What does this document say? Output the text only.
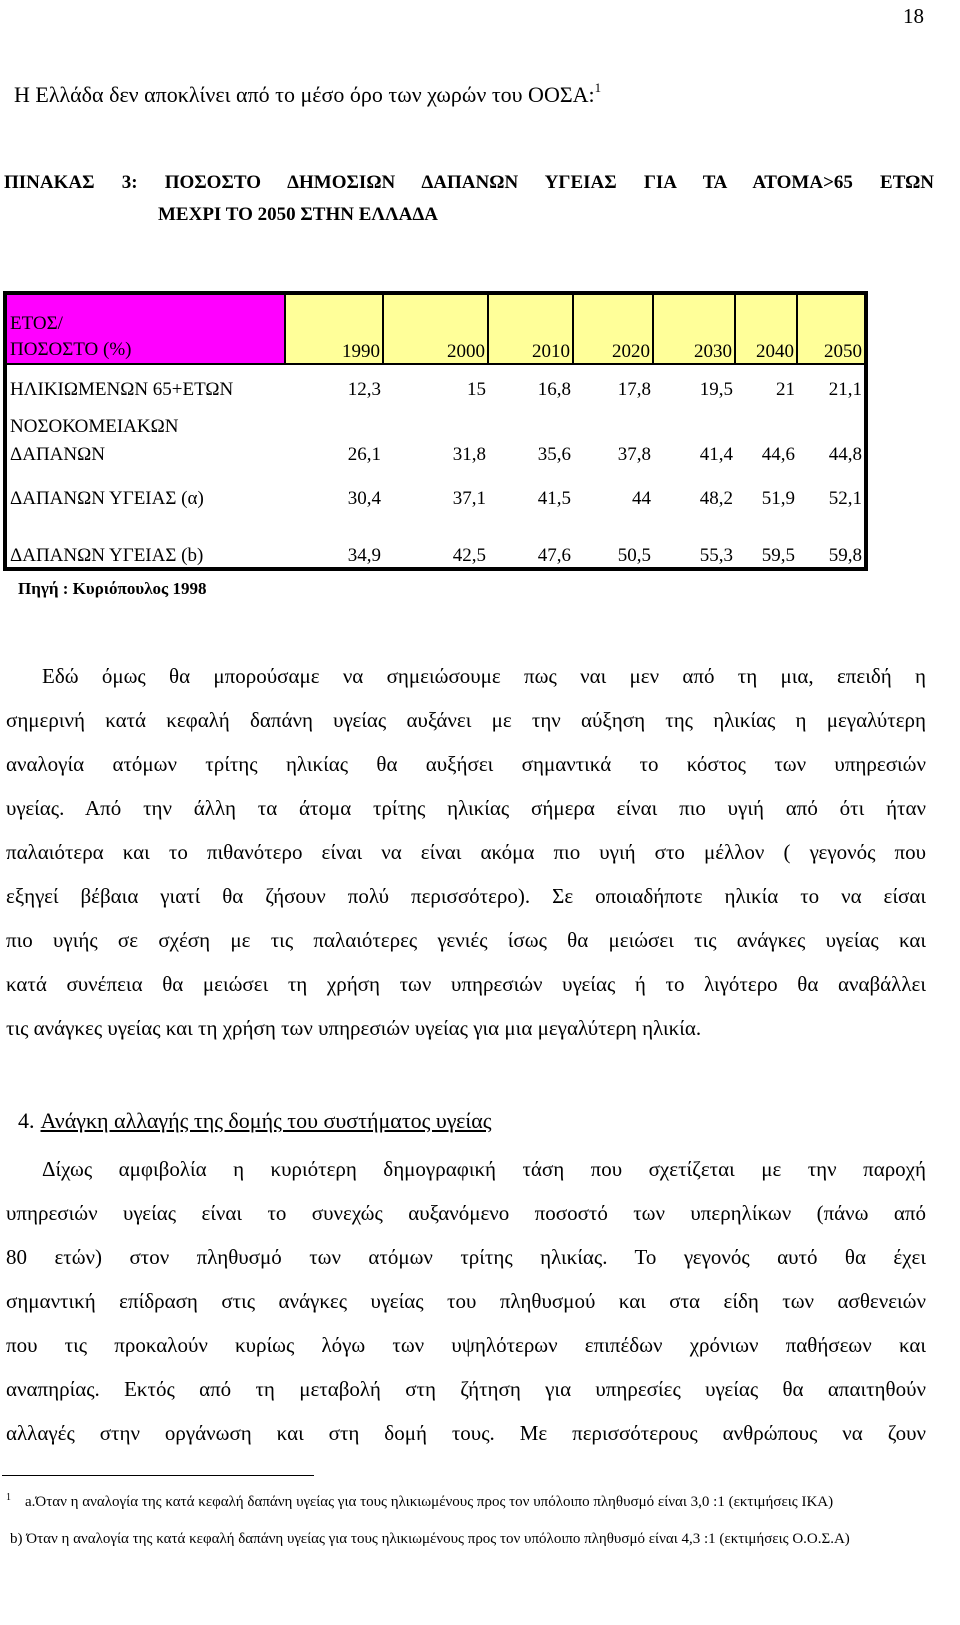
18
Η Ελλάδα δεν αποκλίνει από το μέσο όρο των χωρών του ΟΟΣΑ:$^1$
ΠΙΝΑΚΑΣ 3: ΠΟΣΟΣΤΟ ΔΗΜΟΣΙΩΝ ΔΑΠΑΝΩΝ ΥΓΕΙΑΣ ΓΙΑ ΤΑ ΑΤΟΜΑ>65 ΕΤΩΝ
ΜΕΧΡΙ ΤΟ 2050 ΣΤΗΝ ΕΛΛΑΔΑ
ΕΤΟΣ/
ΠΟΣΟΣΤΟ (%)	1990	2000	2010	2020	2030	2040	2050
ΗΛΙΚΙΩΜΕΝΩΝ 65+ΕΤΩΝ	12,3	15	16,8	17,8	19,5	21	21,1

ΝΟΣΟΚΟΜΕΙΑΚΩΝ
ΔΑΠΑΝΩΝ	26,1	31,8	35,6	37,8	41,4	44,6	44,8
ΔΑΠΑΝΩΝ ΥΓΕΙΑΣ (α)	30,4	37,1	41,5	44	48,2	51,9	52,1
ΔΑΠΑΝΩΝ ΥΓΕΙΑΣ (b)	34,9	42,5	47,6	50,5	55,3	59,5	59,8
Πηγή : Κυριόπουλος 1998
Εδώ όμως θα μπορούσαμε να σημειώσουμε πως ναι μεν από τη μια, επειδή η
σημερινή κατά κεφαλή δαπάνη υγείας αυξάνει με την αύξηση της ηλικίας η μεγαλύτερη
αναλογία ατόμων τρίτης ηλικίας θα αυξήσει σημαντικά το κόστος των υπηρεσιών
υγείας. Από την άλλη τα άτομα τρίτης ηλικίας σήμερα είναι πιο υγιή από ότι ήταν
παλαιότερα και το πιθανότερο είναι να είναι ακόμα πιο υγιή στο μέλλον ( γεγονός που
εξηγεί βέβαια γιατί θα ζήσουν πολύ περισσότερο). Σε οποιαδήποτε ηλικία το να είσαι
πιο υγιής σε σχέση με τις παλαιότερες γενιές ίσως θα μειώσει τις ανάγκες υγείας και
κατά συνέπεια θα μειώσει τη χρήση των υπηρεσιών υγείας ή το λιγότερο θα αναβάλλει
τις ανάγκες υγείας και τη χρήση των υπηρεσιών υγείας για μια μεγαλύτερη ηλικία.
4. Ανάγκη αλλαγής της δομής του συστήματος υγείας
Δίχως αμφιβολία η κυριότερη δημογραφική τάση που σχετίζεται με την παροχή
υπηρεσιών υγείας είναι το συνεχώς αυξανόμενο ποσοστό των υπερηλίκων (πάνω από
80 ετών) στον πληθυσμό των ατόμων τρίτης ηλικίας. Το γεγονός αυτό θα έχει
σημαντική επίδραση στις ανάγκες υγείας του πληθυσμού και στα είδη των ασθενειών
που τις προκαλούν κυρίως λόγω των υψηλότερων επιπέδων χρόνιων παθήσεων και
αναπηρίας. Εκτός από τη μεταβολή στη ζήτηση για υπηρεσίες υγείας θα απαιτηθούν
αλλαγές στην οργάνωση και στη δομή τους. Με περισσότερους ανθρώπους να ζουν
$^1$ a.Όταν η αναλογία της κατά κεφαλή δαπάνη υγείας για τους ηλικιωμένους προς τον υπόλοιπο πληθυσμό είναι 3,0 :1 (εκτιμήσεις ΙΚΑ)
b) Όταν η αναλογία της κατά κεφαλή δαπάνη υγείας για τους ηλικιωμένους προς τον υπόλοιπο πληθυσμό είναι 4,3 :1 (εκτιμήσεις Ο.Ο.Σ.Α)
